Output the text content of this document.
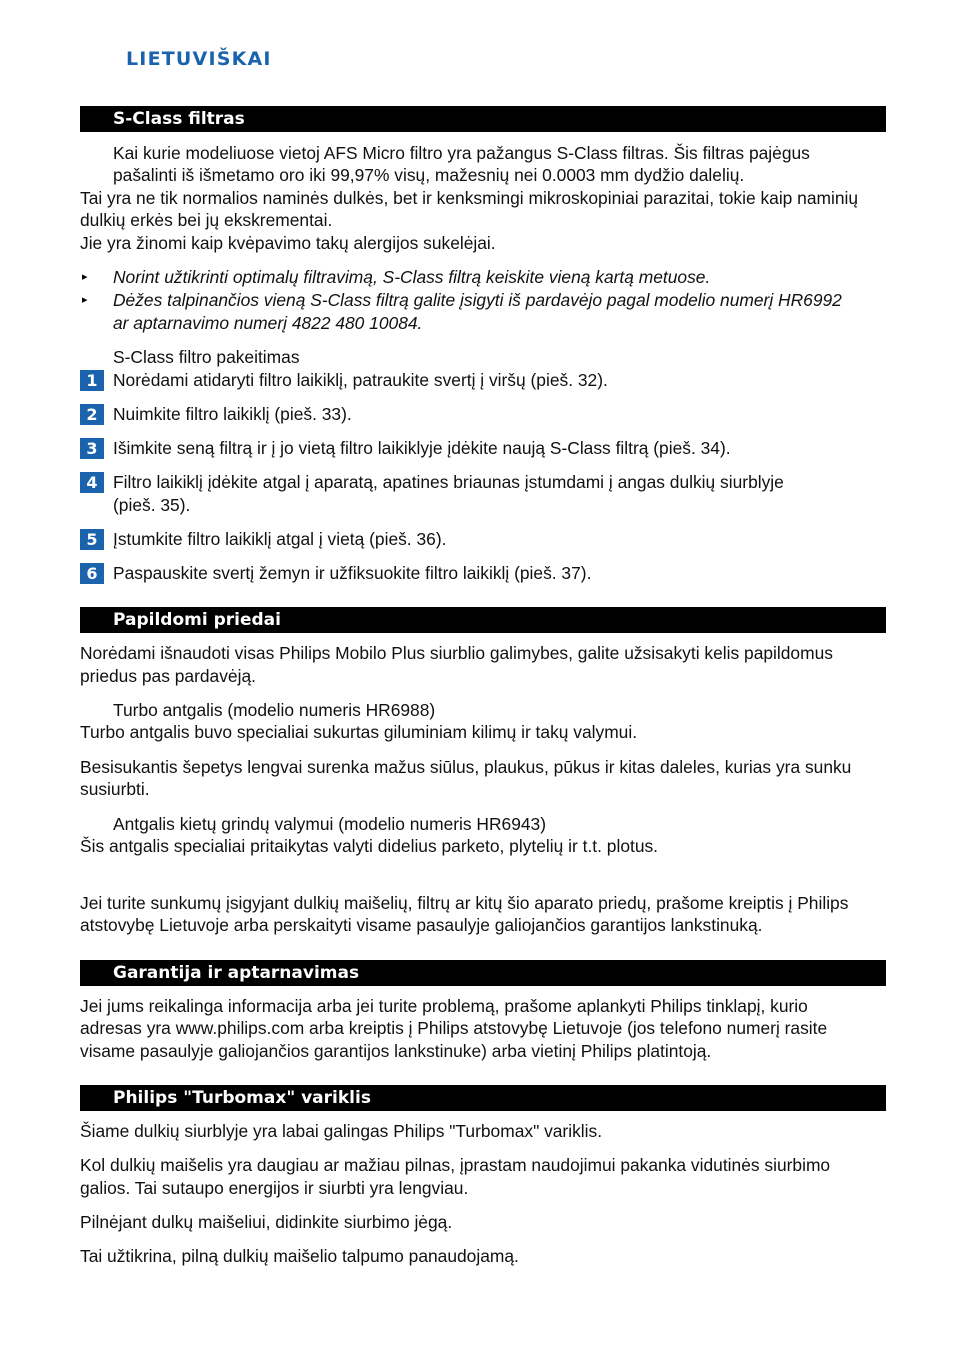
LIETUVIŠKAI
S-Class filtras

Kai kurie modeliuose vietoj AFS Micro filtro yra pažangus S-Class filtras. Šis filtras pajėgus

pašalinti iš išmetamo oro iki 99,97% visų, mažesnių nei 0.0003 mm dydžio dalelių.

Tai yra ne tik normalios naminės dulkės, bet ir kenksmingi mikroskopiniai parazitai, tokie kaip naminių

dulkių erkės bei jų ekskrementai.

Jie yra žinomi kaip kvėpavimo takų alergijos sukelėjai.

▸ Norint užtikrinti optimalų filtravimą, S-Class filtrą keiskite vieną kartą metuose.

▸ Dėžes talpinančios vieną S-Class filtrą galite įsigyti iš pardavėjo pagal modelio numerį HR6992

ar aptarnavimo numerį 4822 480 10084.

S-Class filtro pakeitimas

1 Norėdami atidaryti filtro laikiklį, patraukite svertį į viršų (pieš. 32).

2 Nuimkite filtro laikiklį (pieš. 33).

3 Išimkite seną filtrą ir į jo vietą filtro laikiklyje įdėkite naują S-Class filtrą (pieš. 34).

4 Filtro laikiklį įdėkite atgal į aparatą, apatines briaunas įstumdami į angas dulkių siurblyje

(pieš. 35).

5 Įstumkite filtro laikiklį atgal į vietą (pieš. 36).

6 Paspauskite svertį žemyn ir užfiksuokite filtro laikiklį (pieš. 37).

Papildomi priedai

Norėdami išnaudoti visas Philips Mobilo Plus siurblio galimybes, galite užsisakyti kelis papildomus

priedus pas pardavėją.

Turbo antgalis (modelio numeris HR6988)

Turbo antgalis buvo specialiai sukurtas giluminiam kilimų ir takų valymui.

Besisukantis šepetys lengvai surenka mažus siūlus, plaukus, pūkus ir kitas daleles, kurias yra sunku

susiurbti.

Antgalis kietų grindų valymui (modelio numeris HR6943)

Šis antgalis specialiai pritaikytas valyti didelius parketo, plytelių ir t.t. plotus.

Jei turite sunkumų įsigyjant dulkių maišelių, filtrų ar kitų šio aparato priedų, prašome kreiptis į Philips

atstovybę Lietuvoje arba perskaityti visame pasaulyje galiojančios garantijos lankstinuką.

Garantija ir aptarnavimas

Jei jums reikalinga informacija arba jei turite problemą, prašome aplankyti Philips tinklapį, kurio

adresas yra www.philips.com arba kreiptis į Philips atstovybę Lietuvoje (jos telefono numerį rasite

visame pasaulyje galiojančios garantijos lankstinuke) arba vietinį Philips platintoją.

Philips "Turbomax" variklis

Šiame dulkių siurblyje yra labai galingas Philips "Turbomax" variklis.

Kol dulkių maišelis yra daugiau ar mažiau pilnas, įprastam naudojimui pakanka vidutinės siurbimo

galios. Tai sutaupo energijos ir siurbti yra lengviau.

Pilnėjant dulkų maišeliui, didinkite siurbimo jėgą.

Tai užtikrina, pilną dulkių maišelio talpumo panaudojamą.
